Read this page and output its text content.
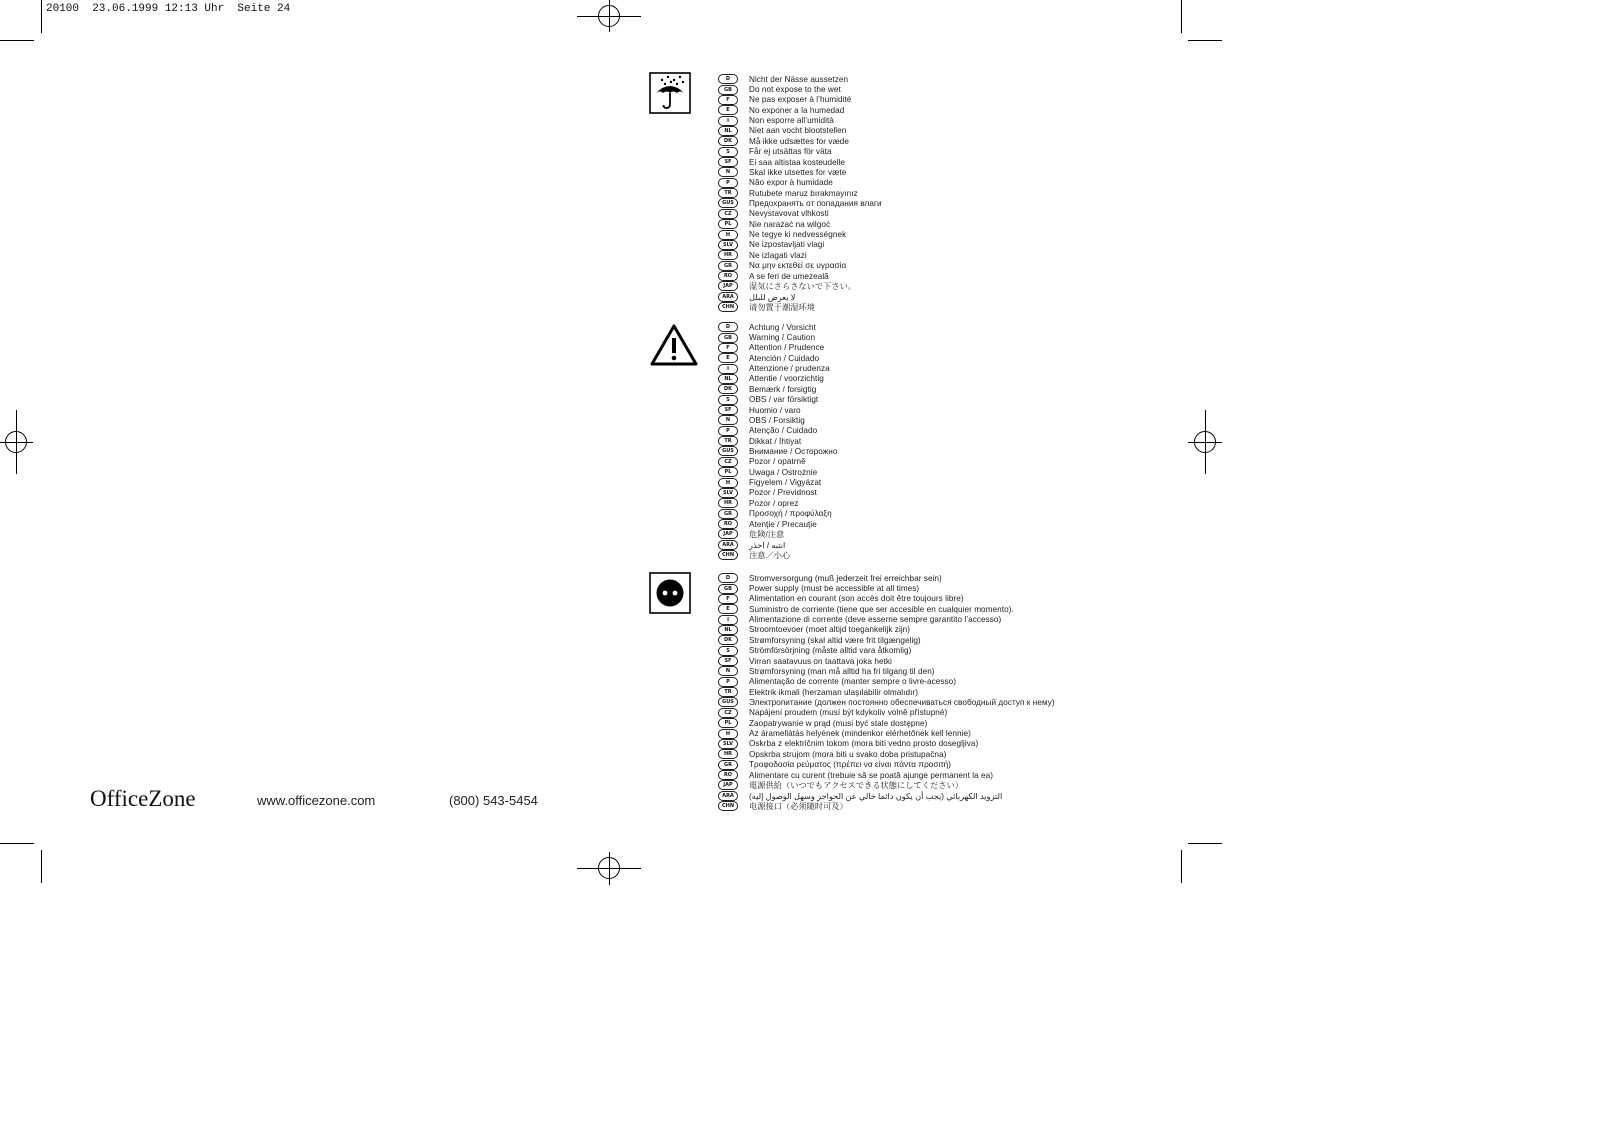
20100  23.06.1999 12:13 Uhr  Seite 24
D	Nicht der Nässe aussetzen
GB	Do not expose to the wet
F	Ne pas exposer à l’humidité
E	No exponer a la humedad
I	Non esporre all’umidità
NL	Niet aan vocht blootstellen
DK	Må ikke udsættes for væde
S	Får ej utsättas för väta
SF	Ei saa altistaa kosteudelle
N	Skal ikke utsettes for væte
P	Não expor à humidade
TR	Rutubete maruz bırakmayınız
GUS	Предохранять от попадания влаги
CZ	Nevystavovat vlhkosti
PL	Nie narażać na wilgoć
H	Ne tegye ki nedvességnek
SLV	Ne izpostavljati vlagi
HR	Ne izlagati vlazi
GR	Να μην εκτεθεί σε υγρασία
RO	A se feri de umezeală
JAP	湿気にさらさないで下さい。
ARA	لا يعرض للبلل
CHN	请勿置于潮湿环境
D	Achtung / Vorsicht
GB	Warning / Caution
F	Attention / Prudence
E	Atención / Cuidado
I	Attenzione / prudenza
NL	Attentie / voorzichtig
DK	Bemærk / forsigtig
S	OBS / var försiktigt
SF	Huomio / varo
N	OBS / Forsiktig
P	Atenção / Cuidado
TR	Dikkat / İhtiyat
GUS	Внимание / Осторожно
CZ	Pozor / opatrně
PL	Uwaga / Ostrożnie
H	Figyelem / Vigyázat
SLV	Pozor / Previdnost
HR	Pozor / oprez
GR	Προσοχή / προφύλαξη
RO	Atenţie / Precauţie
JAP	危険/注意
ARA	انتبه / احذر
CHN	注意／小心
D	Stromversorgung (muß jederzeit frei erreichbar sein)
GB	Power supply (must be accessible at all times)
F	Alimentation en courant (son accès doit être toujours libre)
E	Suministro de corriente (tiene que ser accesible en cualquier momento).
I	Alimentazione di corrente (deve esserne sempre garantito l’accesso)
NL	Stroomtoevoer (moet altijd toegankelijk zijn)
DK	Strømforsyning (skal altid være frit tilgængelig)
S	Strömförsörjning (måste alltid vara åtkomlig)
SF	Virran saatavuus on taattava joka hetki
N	Strømforsyning (man må alltid ha fri tilgang til den)
P	Alimentação de corrente (manter sempre o livre-acesso)
TR	Elektrik ikmali (herzaman ulaşılabilir olmalıdır)
GUS	Электропитание (должен постоянно обеспечиваться свободный доступ к нему)
CZ	Napájení proudem (musí být kdykoliv volně přístupné)
PL	Zaopatrywanie w prąd (musi być stale dostępne)
H	Az áramellátás helyének (mindenkor elérhetőnek kell lennie)
SLV	Oskrba z električnim tokom (mora biti vedno prosto dosegljiva)
HR	Opskrba strujom (mora biti u svako doba pristupačna)
GR	Τροφοδοσία ρεύματος (πρέπει να είναι πάντα προσιτή)
RO	Alimentare cu curent (trebuie să se poată ajunge permanent la ea)
JAP	電源供給（いつでもアクセスできる状態にしてください）
ARA	التزويد الكهربائي (يجب أن يكون دائما خالي عن الحواجز وسهل الوصول إليه)
CHN	电源接口（必须随时可及）
OfficeZone	www.officezone.com	(800) 543-5454
